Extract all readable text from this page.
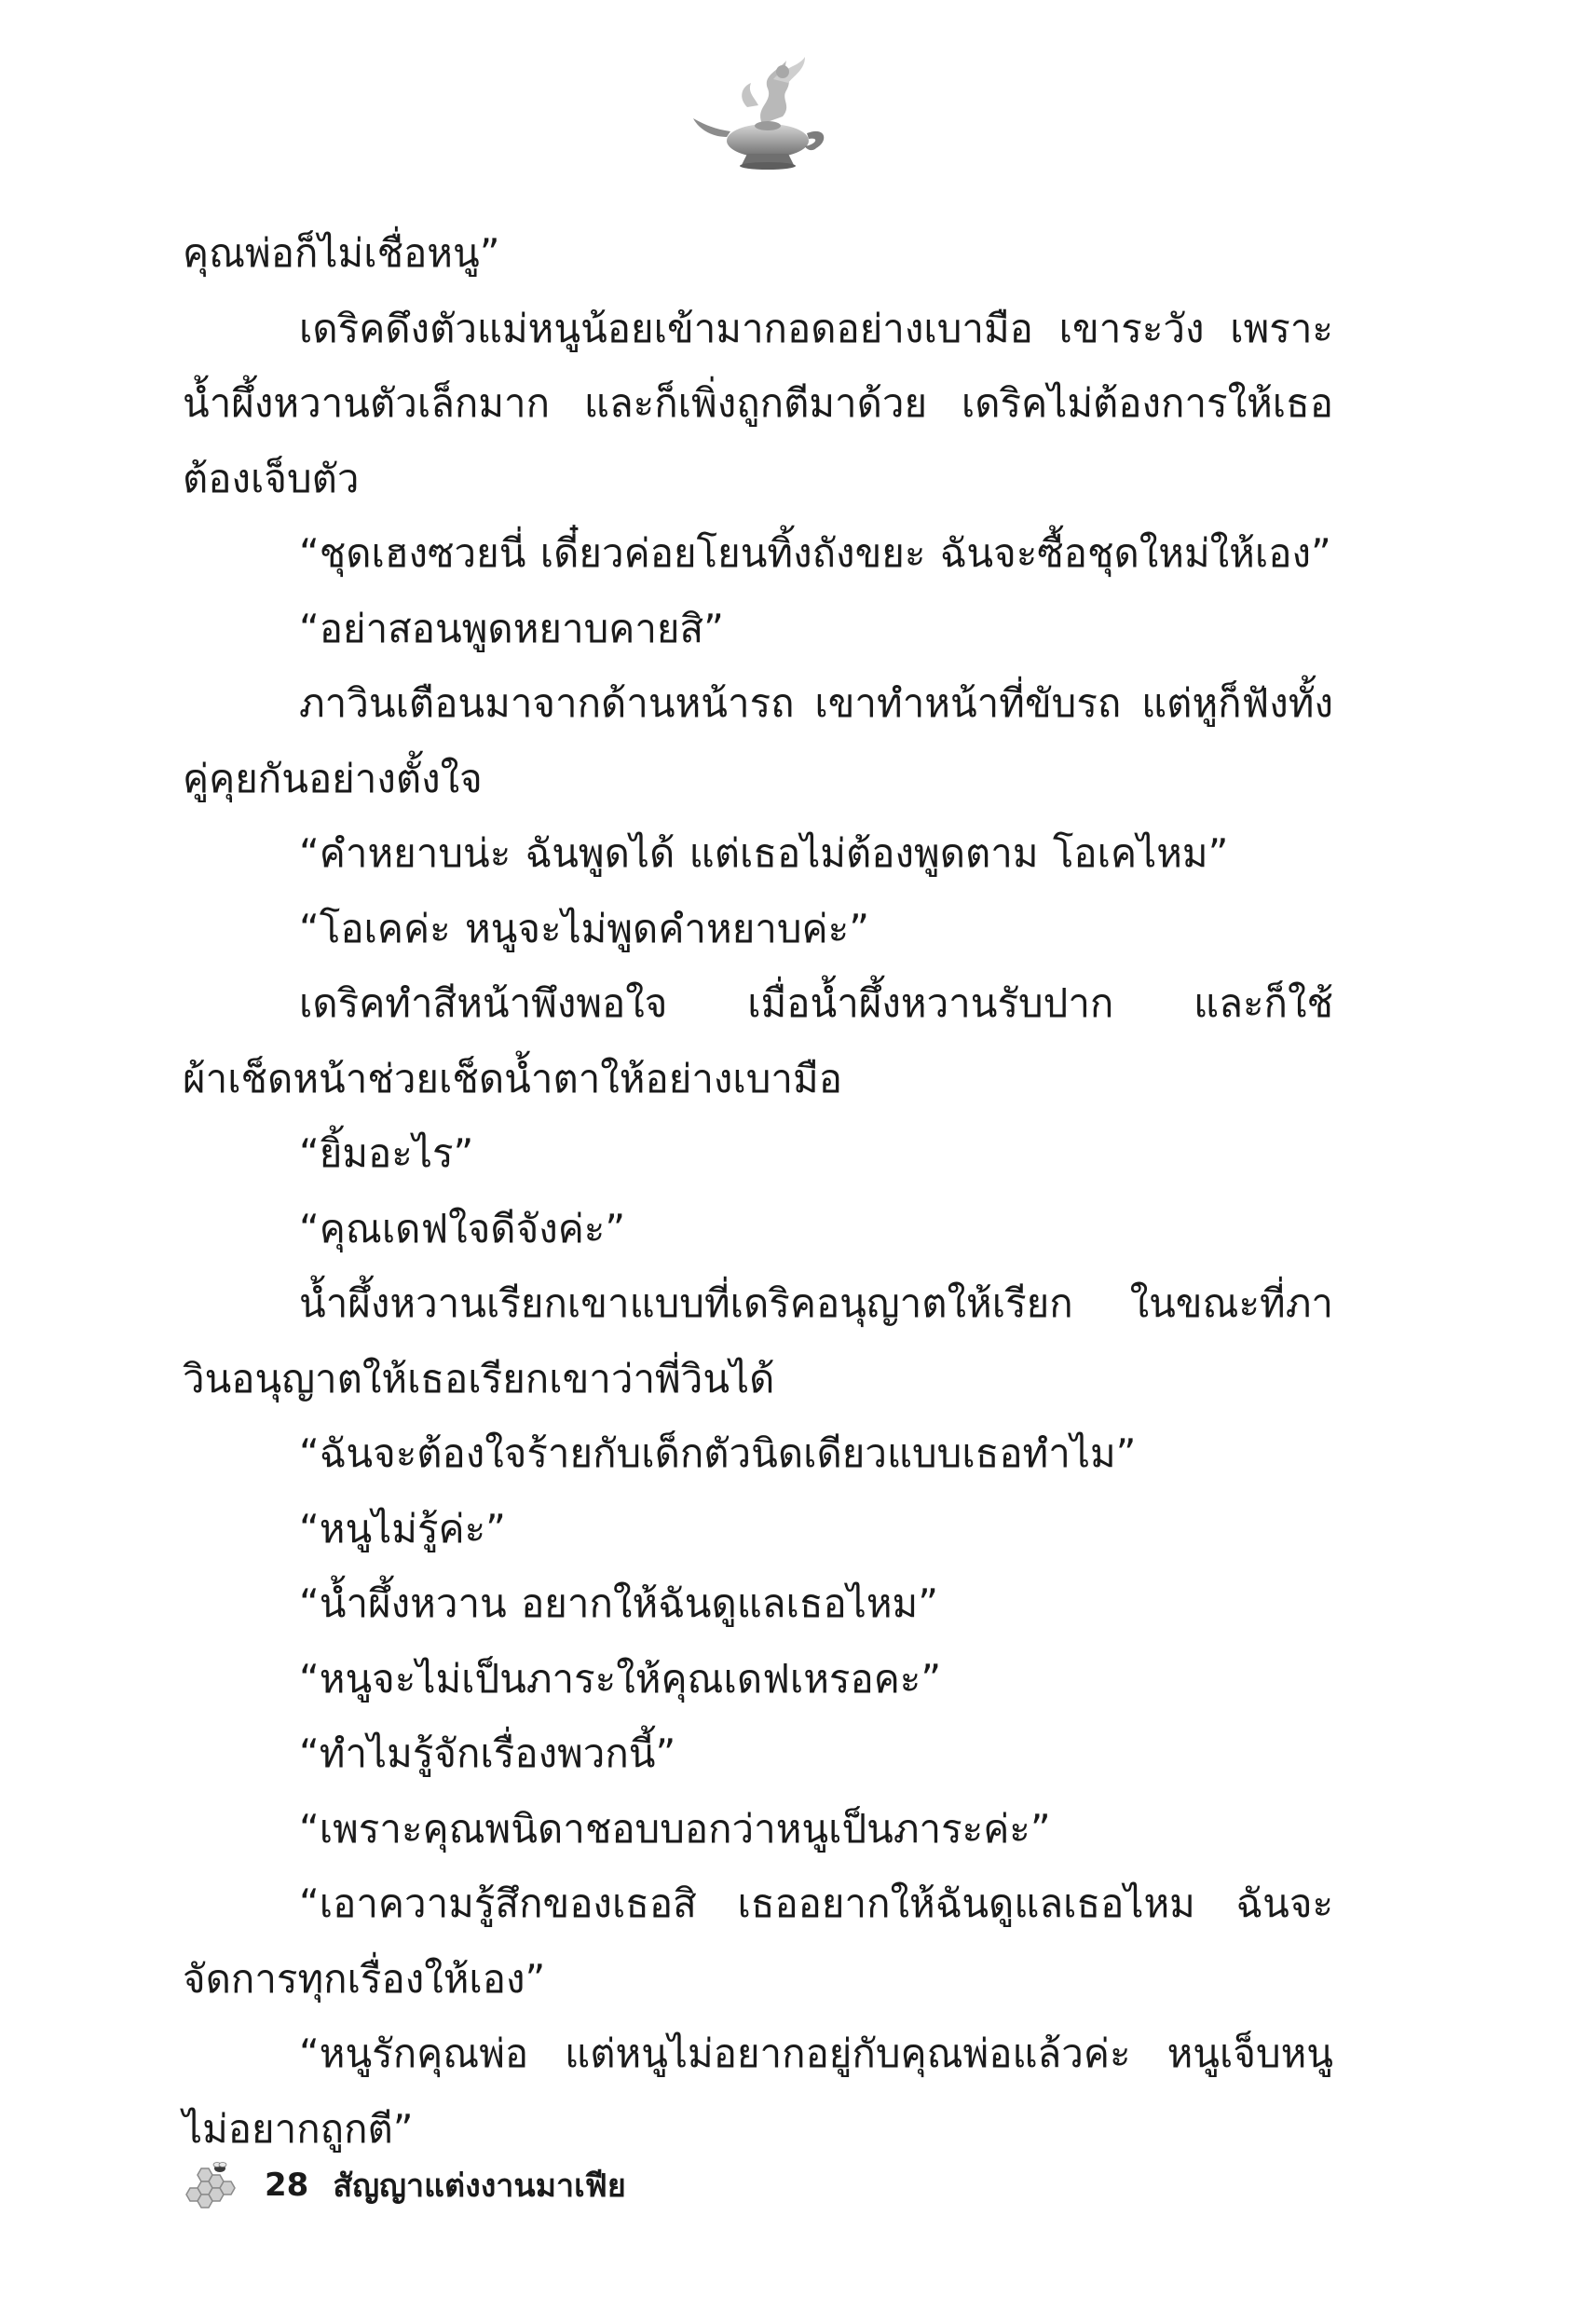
คุณพ่อก็ไม่เชื่อหนู”

เดริคดึงตัวแม่หนูน้อยเข้ามากอดอย่างเบามือ เขาระวัง เพราะน้ำผึ้งหวานตัวเล็กมาก และก็เพิ่งถูกตีมาด้วย เดริคไม่ต้องการให้เธอต้องเจ็บตัว

“ชุดเฮงซวยนี่ เดี๋ยวค่อยโยนทิ้งถังขยะ ฉันจะซื้อชุดใหม่ให้เอง”

“อย่าสอนพูดหยาบคายสิ”

ภาวินเตือนมาจากด้านหน้ารถ เขาทำหน้าที่ขับรถ แต่หูก็ฟังทั้งคู่คุยกันอย่างตั้งใจ

“คำหยาบน่ะ ฉันพูดได้ แต่เธอไม่ต้องพูดตาม โอเคไหม”

“โอเคค่ะ หนูจะไม่พูดคำหยาบค่ะ”

เดริคทำสีหน้าพึงพอใจ เมื่อน้ำผึ้งหวานรับปาก และก็ใช้ผ้าเช็ดหน้าช่วยเช็ดน้ำตาให้อย่างเบามือ

“ยิ้มอะไร”

“คุณเดฟใจดีจังค่ะ”

น้ำผึ้งหวานเรียกเขาแบบที่เดริคอนุญาตให้เรียก ในขณะที่ภาวินอนุญาตให้เธอเรียกเขาว่าพี่วินได้

“ฉันจะต้องใจร้ายกับเด็กตัวนิดเดียวแบบเธอทำไม”

“หนูไม่รู้ค่ะ”

“น้ำผึ้งหวาน อยากให้ฉันดูแลเธอไหม”

“หนูจะไม่เป็นภาระให้คุณเดฟเหรอคะ”

“ทำไมรู้จักเรื่องพวกนี้”

“เพราะคุณพนิดาชอบบอกว่าหนูเป็นภาระค่ะ”

“เอาความรู้สึกของเธอสิ เธออยากให้ฉันดูแลเธอไหม ฉันจะจัดการทุกเรื่องให้เอง”

“หนูรักคุณพ่อ แต่หนูไม่อยากอยู่กับคุณพ่อแล้วค่ะ หนูเจ็บหนูไม่อยากถูกตี”

28 สัญญาแต่งงานมาเฟีย
